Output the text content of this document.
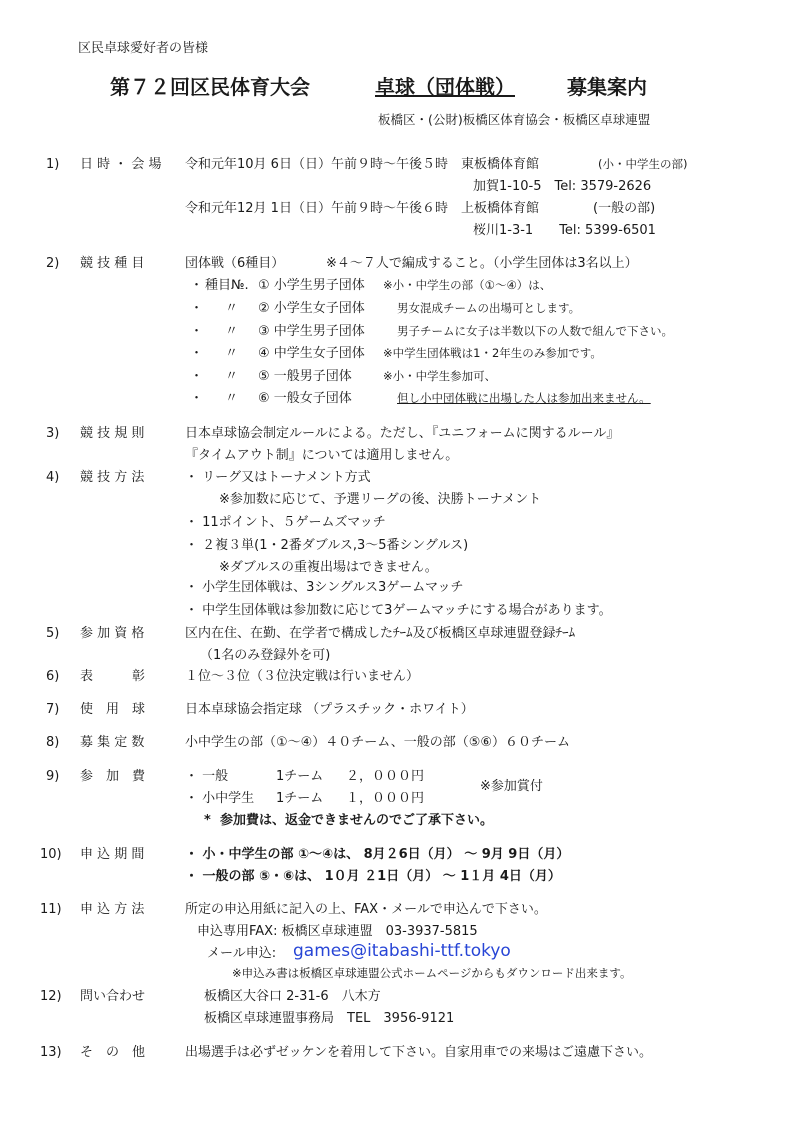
区民卓球愛好者の皆様
第７２回区民体育大会	卓球（団体戦）	募集案内
板橋区・(公財)板橋区体育協会・板橋区卓球連盟
1) 日 時 ・ 会 場 令和元年10月 6日（日）午前９時〜午後５時　東板橋体育館	(小・中学生の部)
加賀1-10-5　Tel: 3579-2626
令和元年12月 1日（日）午前９時〜午後６時　上板橋体育館	(一般の部)
桜川1-3-1　　Tel: 5399-6501
2) 競 技 種 目	団体戦（6種目）	※４〜７人で編成すること。（小学生団体は3名以上）
・ 種目№. ① 小学生男子団体 ※小・中学生の部（①〜④）は、
・ 〃 ② 小学生女子団体	男女混成チームの出場可とします。
・ 〃 ③ 中学生男子団体	男子チームに女子は半数以下の人数で組んで下さい。
・ 〃 ④ 中学生女子団体 ※中学生団体戦は1・2年生のみ参加です。
・ 〃 ⑤ 一般男子団体	※小・中学生参加可、
・ 〃 ⑥ 一般女子団体	但し小中団体戦に出場した人は参加出来ません。
3) 競 技 規 則	日本卓球協会制定ルールによる。ただし、『ユニフォームに関するルール』
『タイムアウト制』については適用しません。
4) 競 技 方 法	・ リーグ又はトーナメント方式
※参加数に応じて、予選リーグの後、決勝トーナメント
・ 11ポイント、５ゲームズマッチ
・ ２複３単(1・2番ダブルス,3〜5番シングルス)
※ダブルスの重複出場はできません。
・ 小学生団体戦は、3シングルス3ゲームマッチ
・ 中学生団体戦は参加数に応じて3ゲームマッチにする場合があります。
5) 参 加 資 格	区内在住、在勤、在学者で構成したﾁｰﾑ及び板橋区卓球連盟登録ﾁｰﾑ
（1名のみ登録外を可)
6) 表　　　彰	１位〜３位（３位決定戦は行いません）
7) 使　用　球	日本卓球協会指定球 （プラスチック・ホワイト）
8) 募 集 定 数	小中学生の部（①〜④）４０チーム、一般の部（⑤⑥）６０チーム
9) 参　加　費	・ 一般	1チーム ２，０００円
・ 小中学生 1チーム １，０００円
※参加賞付
* 参加費は、返金できませんのでご了承下さい。
10) 申 込 期 間	・ 小・中学生の部 ①〜④は、 8月２6日（月） 〜 9月 9日（月）
・ 一般の部 ⑤・⑥は、 1０月 ２1日（月） 〜 1１月 4日（月）
11) 申 込 方 法	所定の申込用紙に記入の上、FAX・メールで申込んで下さい。
申込専用FAX: 板橋区卓球連盟　03-3937-5815
メール申込: games@itabashi-ttf.tokyo
※申込み書は板橋区卓球連盟公式ホームページからもダウンロード出来ます。
12) 問い合わせ	板橋区大谷口 2-31-6　八木方
板橋区卓球連盟事務局　TEL　3956-9121
13) そ　の　他	出場選手は必ずゼッケンを着用して下さい。自家用車での来場はご遠慮下さい。
